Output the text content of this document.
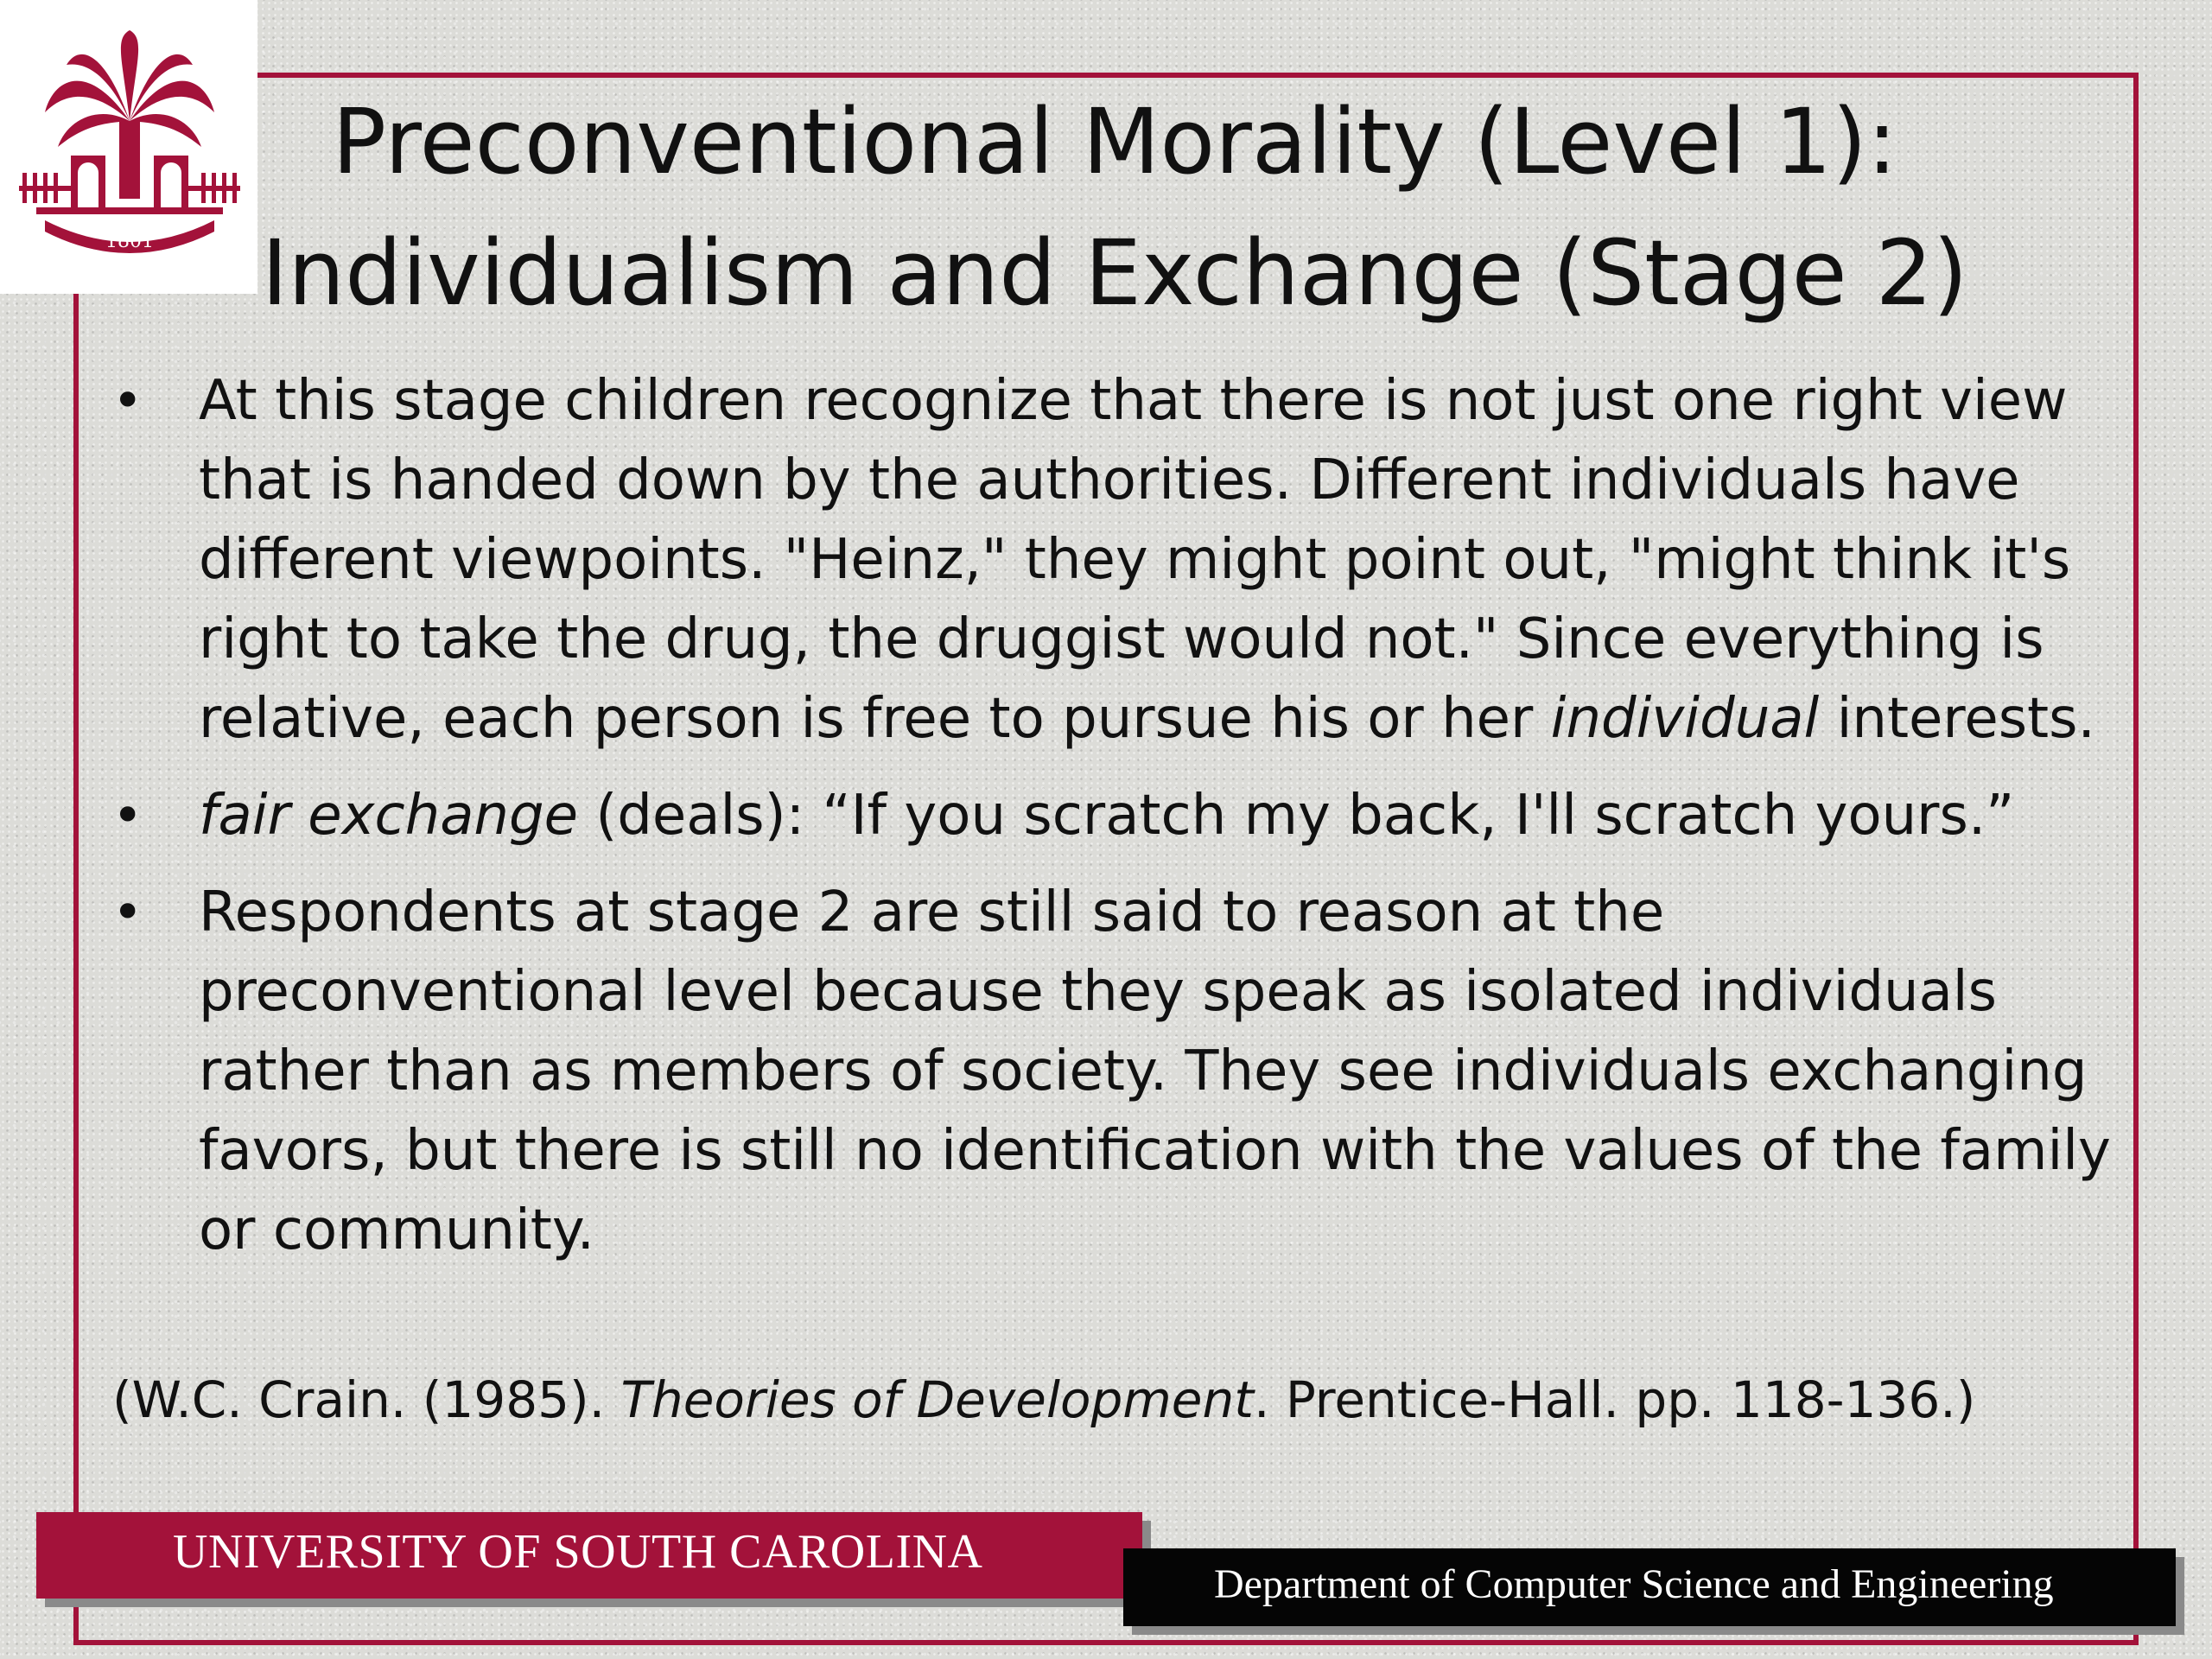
1801
Preconventional Morality (Level 1):
Individualism and Exchange (Stage 2)
• At this stage children recognize that there is not just one right view that is handed down by the authorities. Different individuals have different viewpoints. "Heinz," they might point out, "might think it's right to take the drug, the druggist would not." Since everything is relative, each person is free to pursue his or her individual interests.
• fair exchange (deals): “If you scratch my back, I'll scratch yours.”
• Respondents at stage 2 are still said to reason at the preconventional level because they speak as isolated individuals rather than as members of society. They see individuals exchanging favors, but there is still no identification with the values of the family or community.
(W.C. Crain. (1985). Theories of Development. Prentice-Hall. pp. 118-136.)
UNIVERSITY OF SOUTH CAROLINA
Department of Computer Science and Engineering
